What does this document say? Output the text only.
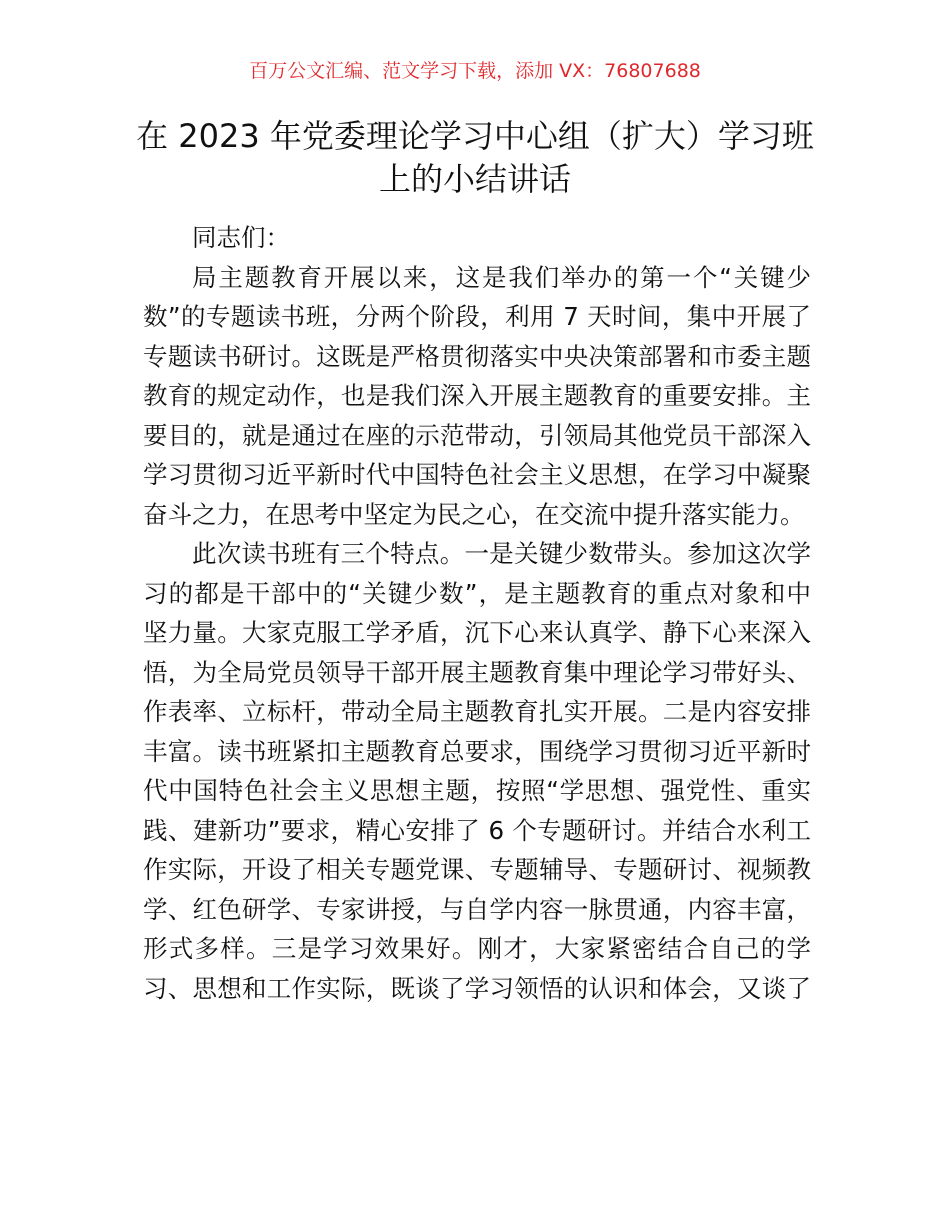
百万公文汇编、范文学习下载，添加 VX：76807688
在 2023 年党委理论学习中心组（扩大）学习班
上的小结讲话
同志们：
局主题教育开展以来，这是我们举办的第一个“关键少
数”的专题读书班，分两个阶段，利用 7 天时间，集中开展了
专题读书研讨。这既是严格贯彻落实中央决策部署和市委主题
教育的规定动作，也是我们深入开展主题教育的重要安排。主
要目的，就是通过在座的示范带动，引领局其他党员干部深入
学习贯彻习近平新时代中国特色社会主义思想，在学习中凝聚
奋斗之力，在思考中坚定为民之心，在交流中提升落实能力。
此次读书班有三个特点。一是关键少数带头。参加这次学
习的都是干部中的“关键少数”，是主题教育的重点对象和中
坚力量。大家克服工学矛盾，沉下心来认真学、静下心来深入
悟，为全局党员领导干部开展主题教育集中理论学习带好头、
作表率、立标杆，带动全局主题教育扎实开展。二是内容安排
丰富。读书班紧扣主题教育总要求，围绕学习贯彻习近平新时
代中国特色社会主义思想主题，按照“学思想、强党性、重实
践、建新功”要求，精心安排了 6 个专题研讨。并结合水利工
作实际，开设了相关专题党课、专题辅导、专题研讨、视频教
学、红色研学、专家讲授，与自学内容一脉贯通，内容丰富，
形式多样。三是学习效果好。刚才，大家紧密结合自己的学
习、思想和工作实际，既谈了学习领悟的认识和体会，又谈了
